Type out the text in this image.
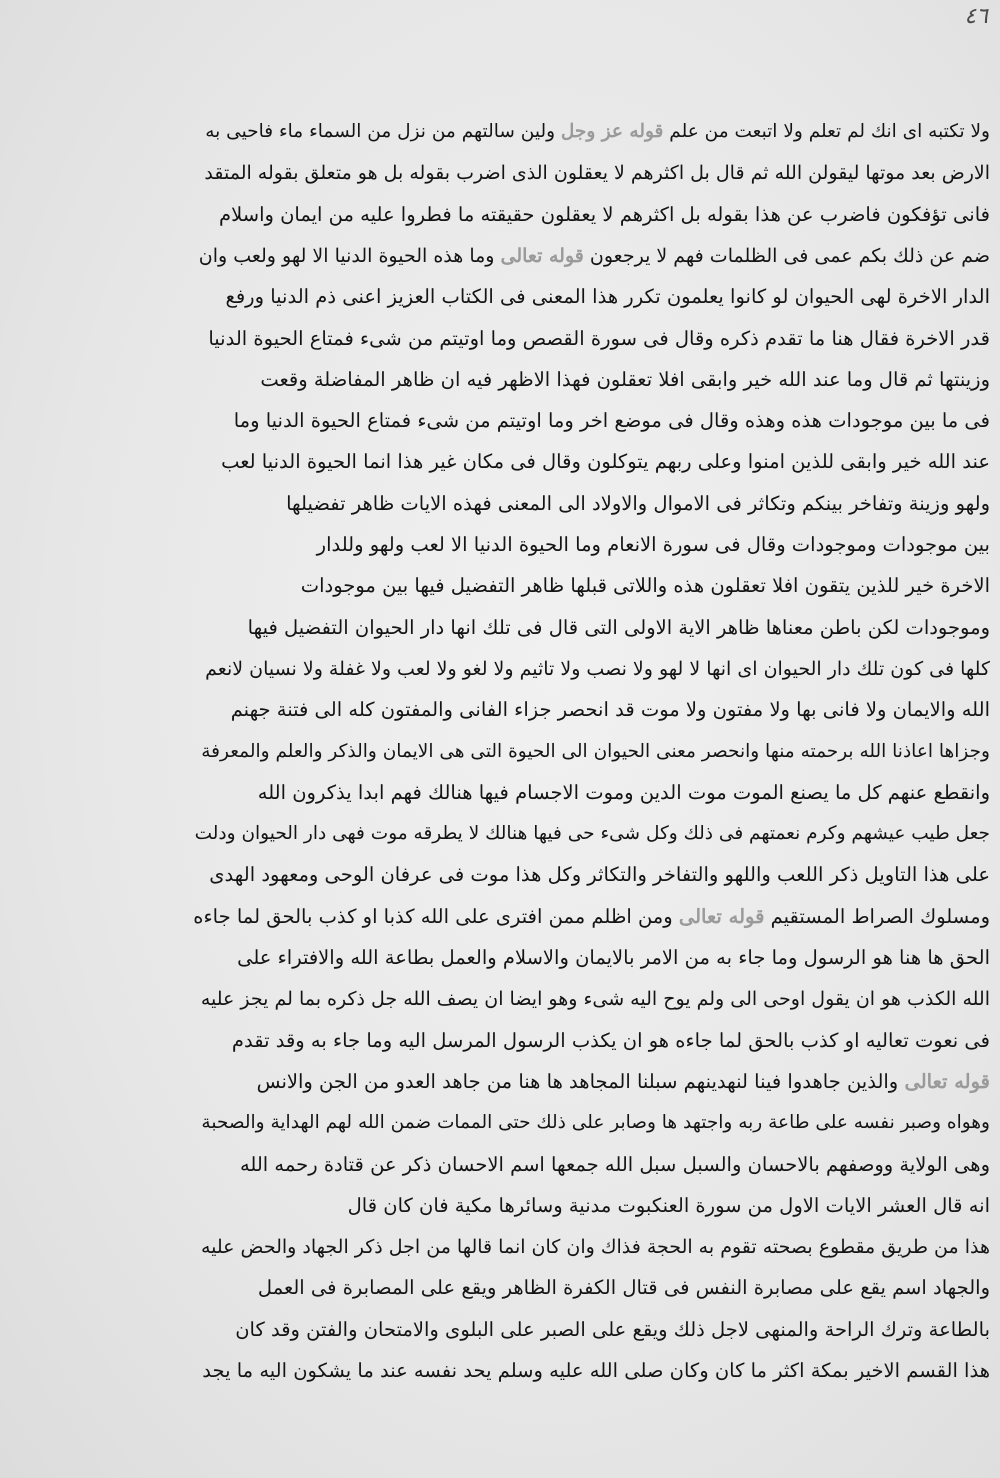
٤٦
ولا تكتبه اى انك لم تعلم ولا اتبعت من علم قوله عز وجل ولين سالتهم من نزل من السماء ماء فاحيى به
الارض بعد موتها ليقولن الله ثم قال بل اكثرهم لا يعقلون الذى اضرب بقوله بل هو متعلق بقوله المتقد
فانى تؤفكون فاضرب عن هذا بقوله بل اكثرهم لا يعقلون حقيقته ما فطروا عليه من ايمان واسلام
ضم عن ذلك بكم عمى فى الظلمات فهم لا يرجعون قوله تعالى وما هذه الحيوة الدنيا الا لهو ولعب وان
الدار الاخرة لهى الحيوان لو كانوا يعلمون تكرر هذا المعنى فى الكتاب العزيز اعنى ذم الدنيا ورفع
قدر الاخرة فقال هنا ما تقدم ذكره وقال فى سورة القصص وما اوتيتم من شىء فمتاع الحيوة الدنيا
وزينتها ثم قال وما عند الله خير وابقى افلا تعقلون فهذا الاظهر فيه ان ظاهر المفاضلة وقعت
فى ما بين موجودات هذه وهذه وقال فى موضع اخر وما اوتيتم من شىء فمتاع الحيوة الدنيا وما
عند الله خير وابقى للذين امنوا وعلى ربهم يتوكلون وقال فى مكان غير هذا انما الحيوة الدنيا لعب
ولهو وزينة وتفاخر بينكم وتكاثر فى الاموال والاولاد الى المعنى فهذه الايات ظاهر تفضيلها
بين موجودات وموجودات وقال فى سورة الانعام وما الحيوة الدنيا الا لعب ولهو وللدار
الاخرة خير للذين يتقون افلا تعقلون هذه واللاتى قبلها ظاهر التفضيل فيها بين موجودات
وموجودات لكن باطن معناها ظاهر الاية الاولى التى قال فى تلك انها دار الحيوان التفضيل فيها
كلها فى كون تلك دار الحيوان اى انها لا لهو ولا نصب ولا تاثيم ولا لغو ولا لعب ولا غفلة ولا نسيان لانعم
الله والايمان ولا فانى بها ولا مفتون ولا موت قد انحصر جزاء الفانى والمفتون كله الى فتنة جهنم
وجزاها اعاذنا الله برحمته منها وانحصر معنى الحيوان الى الحيوة التى هى الايمان والذكر والعلم والمعرفة
وانقطع عنهم كل ما يصنع الموت موت الدين وموت الاجسام فيها هنالك فهم ابدا يذكرون الله
جعل طيب عيشهم وكرم نعمتهم فى ذلك وكل شىء حى فيها هنالك لا يطرقه موت فهى دار الحيوان ودلت
على هذا التاويل ذكر اللعب واللهو والتفاخر والتكاثر وكل هذا موت فى عرفان الوحى ومعهود الهدى
ومسلوك الصراط المستقيم قوله تعالى ومن اظلم ممن افترى على الله كذبا او كذب بالحق لما جاءه
الحق ها هنا هو الرسول وما جاء به من الامر بالايمان والاسلام والعمل بطاعة الله والافتراء على
الله الكذب هو ان يقول اوحى الى ولم يوح اليه شىء وهو ايضا ان يصف الله جل ذكره بما لم يجز عليه
فى نعوت تعاليه او كذب بالحق لما جاءه هو ان يكذب الرسول المرسل اليه وما جاء به وقد تقدم
قوله تعالى والذين جاهدوا فينا لنهدينهم سبلنا المجاهد ها هنا من جاهد العدو من الجن والانس
وهواه وصبر نفسه على طاعة ربه واجتهد ها وصابر على ذلك حتى الممات ضمن الله لهم الهداية والصحبة
وهى الولاية ووصفهم بالاحسان والسبل سبل الله جمعها اسم الاحسان ذكر عن قتادة رحمه الله
انه قال العشر الايات الاول من سورة العنكبوت مدنية وسائرها مكية فان كان قال
هذا من طريق مقطوع بصحته تقوم به الحجة فذاك وان كان انما قالها من اجل ذكر الجهاد والحض عليه
والجهاد اسم يقع على مصابرة النفس فى قتال الكفرة الظاهر ويقع على المصابرة فى العمل
بالطاعة وترك الراحة والمنهى لاجل ذلك ويقع على الصبر على البلوى والامتحان والفتن وقد كان
هذا القسم الاخير بمكة اكثر ما كان وكان صلى الله عليه وسلم يحد نفسه عند ما يشكون اليه ما يجد
